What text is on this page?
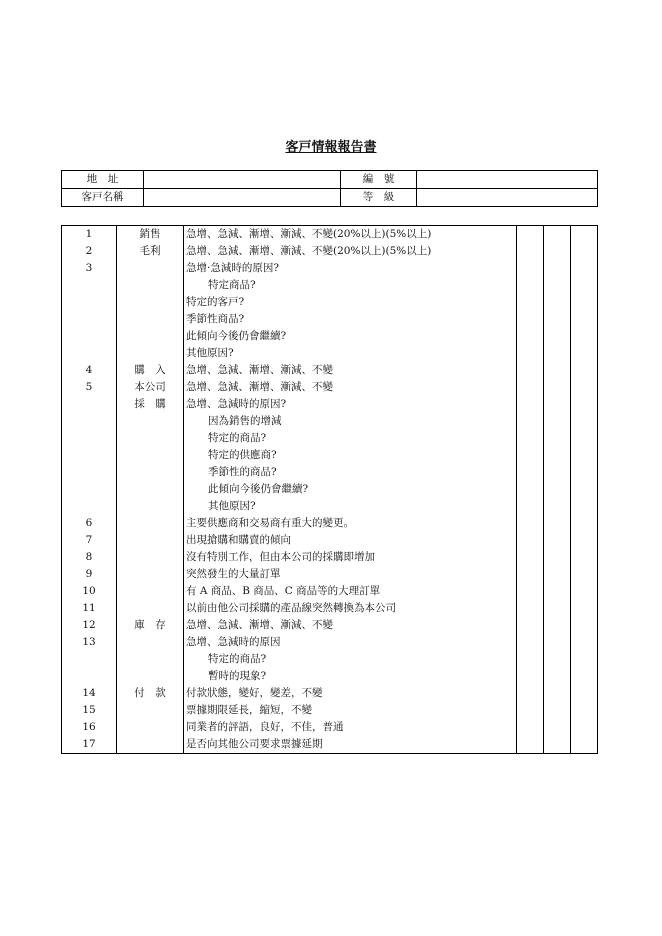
客戸情報報告書
地　址		編　號	
客戸名稱		等　級	
1	銷售	急增、急減、漸增、漸減、不變(20%以上)(5%以上)			
2	毛利	急增、急減、漸增、漸減、不變(20%以上)(5%以上)			
3		急增·急減時的原因?			
		特定商品?			
		特定的客戸?			
		季節性商品?			
		此傾向今後仍會繼續?			
		其他原因?			
4	購　入	急增、急減、漸增、漸減、不變			
5	本公司	急增、急減、漸增、漸減、不變			
	採　購	急增、急減時的原因?			
		因為銷售的增減			
		特定的商品?			
		特定的供應商?			
		季節性的商品?			
		此傾向今後仍會繼續?			
		其他原因?			
6		主要供應商和交易商有重大的變更。			
7		出現搶購和購賣的傾向			
8		沒有特別工作，但由本公司的採購即增加			
9		突然發生的大量訂單			
10		有 A 商品、B 商品、C 商品等的大理訂單			
11		以前由他公司採購的產品線突然轉換為本公司			
12	庫　存	急增、急減、漸增、漸減、不變			
13		急增、急減時的原因			
		特定的商品?			
		暫時的現象?			
14	付　款	付款狀態，變好，變差，不變			
15		票據期限延長，縮短，不變			
16		同業者的評語，良好，不佳，普通			
17		是否向其他公司要求票據延期			
